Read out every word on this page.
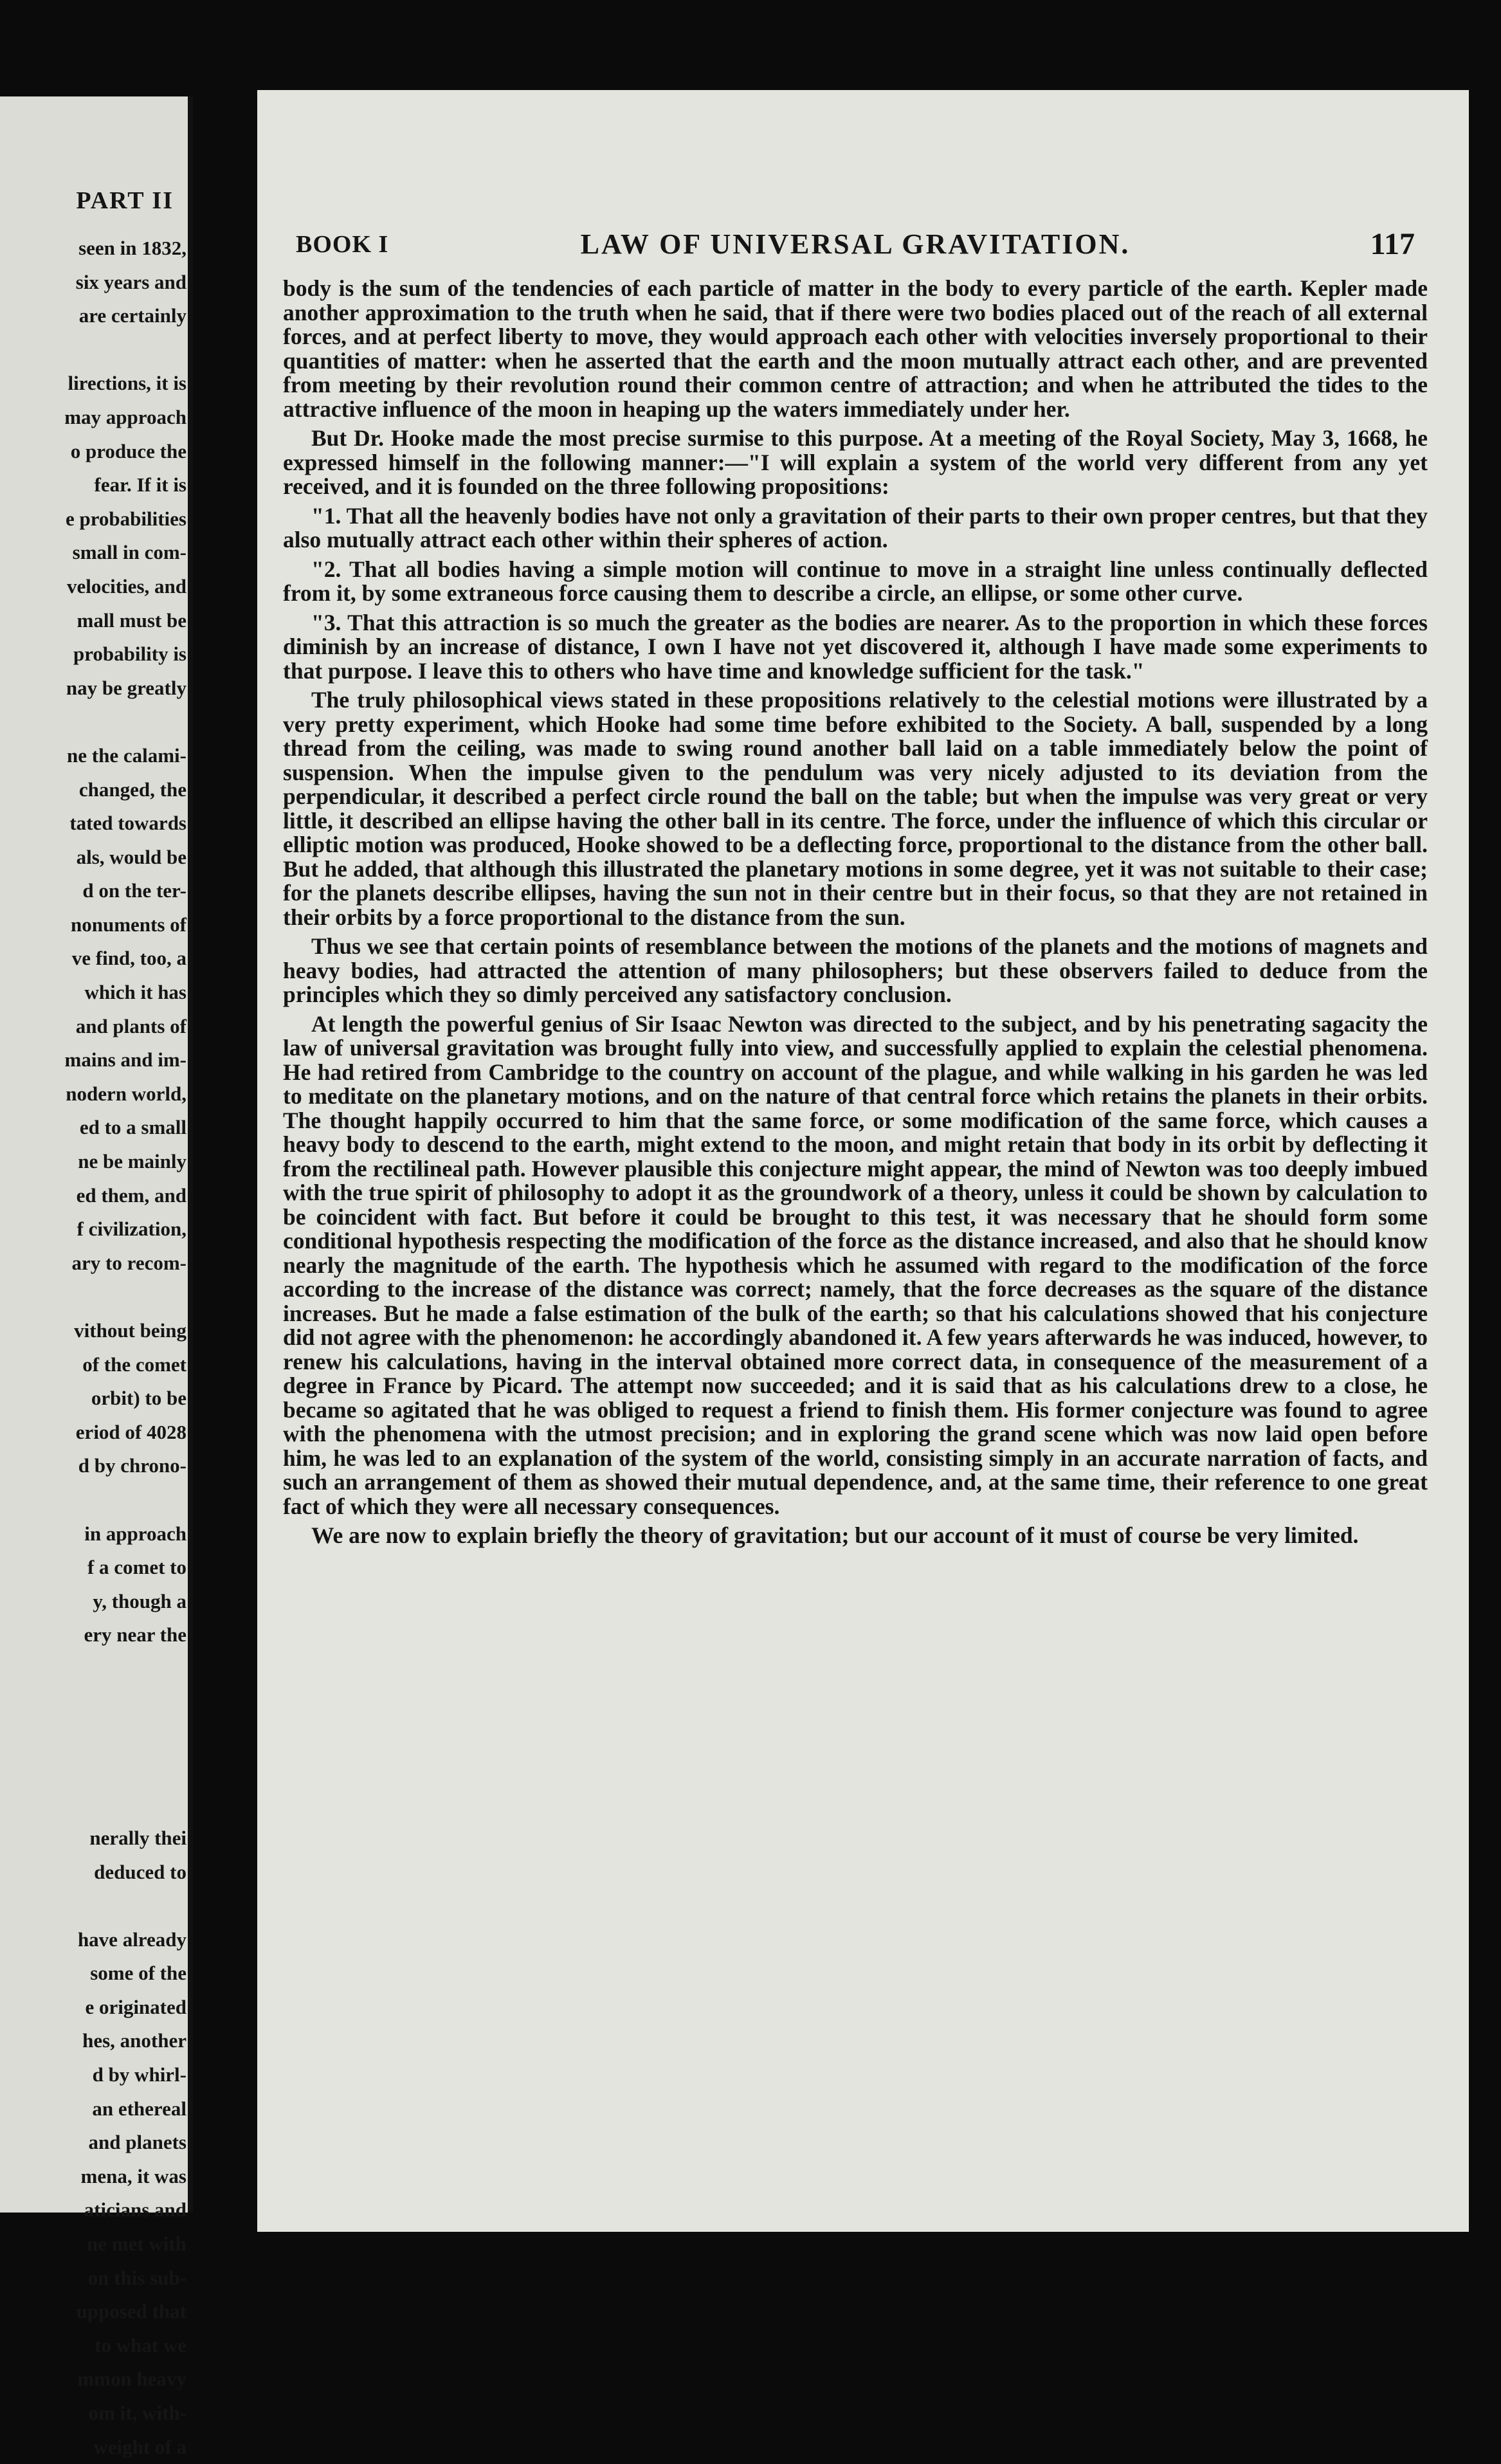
PART II
seen in 1832,
six years and
are certainly

lirections, it is
may approach
o produce the
fear. If it is
e probabilities
small in com-
velocities, and
mall must be
probability is
nay be greatly

ne the calami-
changed, the
tated towards
als, would be
d on the ter-
nonuments of
ve find, too, a
which it has
and plants of
mains and im-
nodern world,
ed to a small
ne be mainly
ed them, and
f civilization,
ary to recom-

vithout being
of the comet
orbit) to be
eriod of 4028
d by chrono-

in approach
f a comet to
y, though a
ery near the

nerally thei
deduced to

have already
some of the
e originated
hes, another
d by whirl-
an ethereal
and planets
mena, it was
aticians and
ne met with
on this sub-
upposed that
to what we
mmon heavy
om it, with-
weight of a
BOOK I	LAW OF UNIVERSAL GRAVITATION.	117

body is the sum of the tendencies of each particle of matter in the body to every particle of the earth. Kepler made another approximation to the truth when he said, that if there were two bodies placed out of the reach of all external forces, and at perfect liberty to move, they would approach each other with velocities inversely proportional to their quantities of matter: when he asserted that the earth and the moon mutually attract each other, and are prevented from meeting by their revolution round their common centre of attraction; and when he attributed the tides to the attractive influence of the moon in heaping up the waters immediately under her.

But Dr. Hooke made the most precise surmise to this purpose. At a meeting of the Royal Society, May 3, 1668, he expressed himself in the following manner:—"I will explain a system of the world very different from any yet received, and it is founded on the three following propositions:

"1. That all the heavenly bodies have not only a gravitation of their parts to their own proper centres, but that they also mutually attract each other within their spheres of action.

"2. That all bodies having a simple motion will continue to move in a straight line unless continually deflected from it, by some extraneous force causing them to describe a circle, an ellipse, or some other curve.

"3. That this attraction is so much the greater as the bodies are nearer. As to the proportion in which these forces diminish by an increase of distance, I own I have not yet discovered it, although I have made some experiments to that purpose. I leave this to others who have time and knowledge sufficient for the task."

The truly philosophical views stated in these propositions relatively to the celestial motions were illustrated by a very pretty experiment, which Hooke had some time before exhibited to the Society. A ball, suspended by a long thread from the ceiling, was made to swing round another ball laid on a table immediately below the point of suspension. When the impulse given to the pendulum was very nicely adjusted to its deviation from the perpendicular, it described a perfect circle round the ball on the table; but when the impulse was very great or very little, it described an ellipse having the other ball in its centre. The force, under the influence of which this circular or elliptic motion was produced, Hooke showed to be a deflecting force, proportional to the distance from the other ball. But he added, that although this illustrated the planetary motions in some degree, yet it was not suitable to their case; for the planets describe ellipses, having the sun not in their centre but in their focus, so that they are not retained in their orbits by a force proportional to the distance from the sun.

Thus we see that certain points of resemblance between the motions of the planets and the motions of magnets and heavy bodies, had attracted the attention of many philosophers; but these observers failed to deduce from the principles which they so dimly perceived any satisfactory conclusion.

At length the powerful genius of Sir Isaac Newton was directed to the subject, and by his penetrating sagacity the law of universal gravitation was brought fully into view, and successfully applied to explain the celestial phenomena. He had retired from Cambridge to the country on account of the plague, and while walking in his garden he was led to meditate on the planetary motions, and on the nature of that central force which retains the planets in their orbits. The thought happily occurred to him that the same force, or some modification of the same force, which causes a heavy body to descend to the earth, might extend to the moon, and might retain that body in its orbit by deflecting it from the rectilineal path. However plausible this conjecture might appear, the mind of Newton was too deeply imbued with the true spirit of philosophy to adopt it as the groundwork of a theory, unless it could be shown by calculation to be coincident with fact. But before it could be brought to this test, it was necessary that he should form some conditional hypothesis respecting the modification of the force as the distance increased, and also that he should know nearly the magnitude of the earth. The hypothesis which he assumed with regard to the modification of the force according to the increase of the distance was correct; namely, that the force decreases as the square of the distance increases. But he made a false estimation of the bulk of the earth; so that his calculations showed that his conjecture did not agree with the phenomenon: he accordingly abandoned it. A few years afterwards he was induced, however, to renew his calculations, having in the interval obtained more correct data, in consequence of the measurement of a degree in France by Picard. The attempt now succeeded; and it is said that as his calculations drew to a close, he became so agitated that he was obliged to request a friend to finish them. His former conjecture was found to agree with the phenomena with the utmost precision; and in exploring the grand scene which was now laid open before him, he was led to an explanation of the system of the world, consisting simply in an accurate narration of facts, and such an arrangement of them as showed their mutual dependence, and, at the same time, their reference to one great fact of which they were all necessary consequences.

We are now to explain briefly the theory of gravitation; but our account of it must of course be very limited.
